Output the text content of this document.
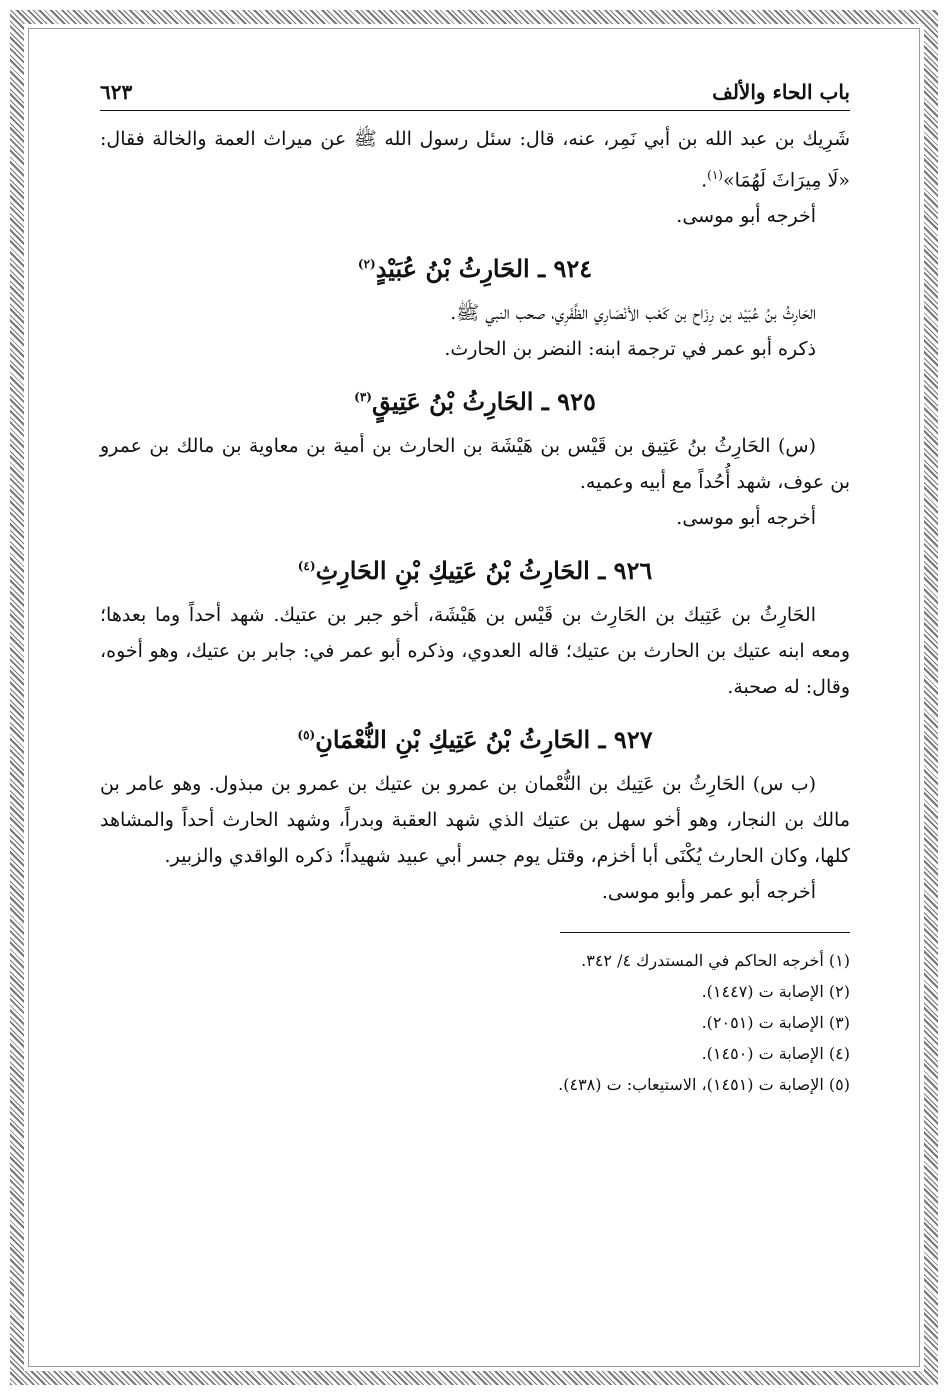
باب الحاء والألف
٦٢٣

شَرِيك بن عبد الله بن أبي نَمِر، عنه، قال: سئل رسول الله ﷺ عن ميراث العمة والخالة فقال: «لَا مِيرَاثَ لَهُمَا»$^{(١)}$.

أخرجه أبو موسى.

٩٢٤ ـ الحَارِثُ بْنُ عُبَيْدٍ$^{(٢)}$

الحَارِثُ بنُ عُبَيْد بن رِزَاح بن كَعْب الأنْصَارِي الظَّفَرِي، صحب النبي ﷺ.

ذكره أبو عمر في ترجمة ابنه: النضر بن الحارث.

٩٢٥ ـ الحَارِثُ بْنُ عَتِيقٍ$^{(٣)}$

(س) الحَارِثُ بنُ عَتِيق بن قَيْس بن هَيْشَة بن الحارث بن أمية بن معاوية بن مالك بن عمرو بن عوف، شهد أُحُداً مع أبيه وعميه.

أخرجه أبو موسى.

٩٢٦ ـ الحَارِثُ بْنُ عَتِيكِ بْنِ الحَارِثِ$^{(٤)}$

الحَارِثُ بن عَتِيك بن الحَارِث بن قَيْس بن هَيْشَة، أخو جبر بن عتيك. شهد أحداً وما بعدها؛ ومعه ابنه عتيك بن الحارث بن عتيك؛ قاله العدوي، وذكره أبو عمر في: جابر بن عتيك، وهو أخوه، وقال: له صحبة.

٩٢٧ ـ الحَارِثُ بْنُ عَتِيكِ بْنِ النُّعْمَانِ$^{(٥)}$

(ب س) الحَارِثُ بن عَتِيك بن النُّعْمان بن عمرو بن عتيك بن عمرو بن مبذول. وهو عامر بن مالك بن النجار، وهو أخو سهل بن عتيك الذي شهد العقبة وبدراً، وشهد الحارث أحداً والمشاهد كلها، وكان الحارث يُكْنَى أبا أخزم، وقتل يوم جسر أبي عبيد شهيداً؛ ذكره الواقدي والزبير.

أخرجه أبو عمر وأبو موسى.

(١) أخرجه الحاكم في المستدرك ٤/ ٣٤٢.

(٢) الإصابة ت (١٤٤٧).

(٣) الإصابة ت (٢٠٥١).

(٤) الإصابة ت (١٤٥٠).

(٥) الإصابة ت (١٤٥١)، الاستيعاب: ت (٤٣٨).
